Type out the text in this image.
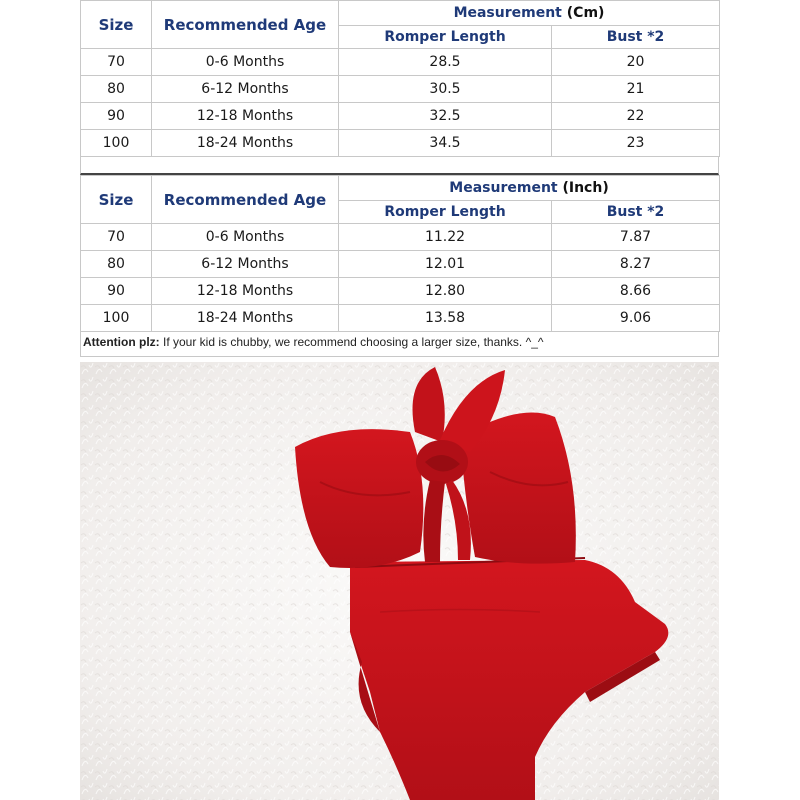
Size	Recommended Age	Measurement (Cm)	
		Romper Length	Bust *2
70	0-6 Months	28.5	20
80	6-12 Months	30.5	21
90	12-18 Months	32.5	22
100	18-24 Months	34.5	23
Size	Recommended Age	Measurement (Inch)	
		Romper Length	Bust *2
70	0-6 Months	11.22	7.87
80	6-12 Months	12.01	8.27
90	12-18 Months	12.80	8.66
100	18-24 Months	13.58	9.06
Attention plz: If your kid is chubby, we recommend choosing a larger size, thanks. ^_^
